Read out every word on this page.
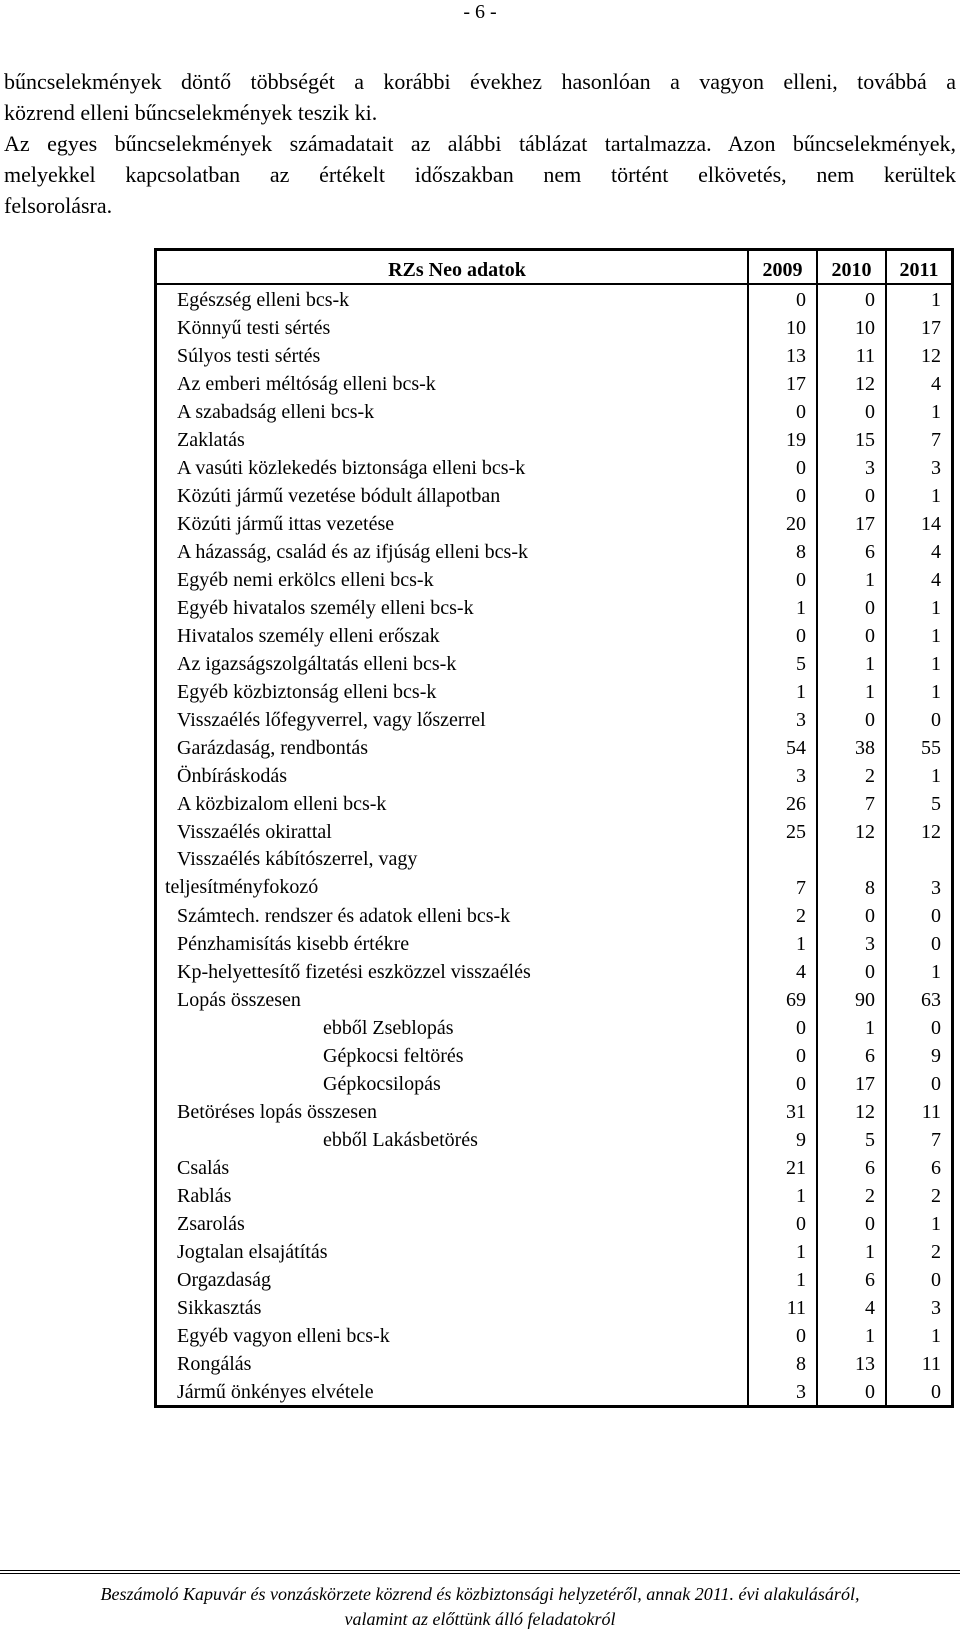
- 6 -

bűncselekmények döntő többségét a korábbi évekhez hasonlóan a vagyon elleni, továbbá a

közrend elleni bűncselekmények teszik ki.

Az egyes bűncselekmények számadatait az alábbi táblázat tartalmazza. Azon bűncselekmények,

melyekkel kapcsolatban az értékelt időszakban nem történt elkövetés, nem kerültek

felsorolásra.

RZs Neo adatok	2009	2010	2011
Egészség elleni bcs-k	0	0	1
Könnyű testi sértés	10	10	17
Súlyos testi sértés	13	11	12
Az emberi méltóság elleni bcs-k	17	12	4
A szabadság elleni bcs-k	0	0	1
Zaklatás	19	15	7
A vasúti közlekedés biztonsága elleni bcs-k	0	3	3
Közúti jármű vezetése bódult állapotban	0	0	1
Közúti jármű ittas vezetése	20	17	14
A házasság, család és az ifjúság elleni bcs-k	8	6	4
Egyéb nemi erkölcs elleni bcs-k	0	1	4
Egyéb hivatalos személy elleni bcs-k	1	0	1
Hivatalos személy elleni erőszak	0	0	1
Az igazságszolgáltatás elleni bcs-k	5	1	1
Egyéb közbiztonság elleni bcs-k	1	1	1
Visszaélés lőfegyverrel, vagy lőszerrel	3	0	0
Garázdaság, rendbontás	54	38	55
Önbíráskodás	3	2	1
A közbizalom elleni bcs-k	26	7	5
Visszaélés okirattal	25	12	12
Visszaélés kábítószerrel, vagy
teljesítményfokozó	7	8	3
Számtech. rendszer és adatok elleni bcs-k	2	0	0
Pénzhamisítás kisebb értékre	1	3	0
Kp-helyettesítő fizetési eszközzel visszaélés	4	0	1
Lopás összesen	69	90	63
ebből Zseblopás	0	1	0
Gépkocsi feltörés	0	6	9
Gépkocsilopás	0	17	0
Betöréses lopás összesen	31	12	11
ebből Lakásbetörés	9	5	7
Csalás	21	6	6
Rablás	1	2	2
Zsarolás	0	0	1
Jogtalan elsajátítás	1	1	2
Orgazdaság	1	6	0
Sikkasztás	11	4	3
Egyéb vagyon elleni bcs-k	0	1	1
Rongálás	8	13	11
Jármű önkényes elvétele	3	0	0
Beszámoló Kapuvár és vonzáskörzete közrend és közbiztonsági helyzetéről, annak 2011. évi alakulásáról,
valamint az előttünk álló feladatokról
